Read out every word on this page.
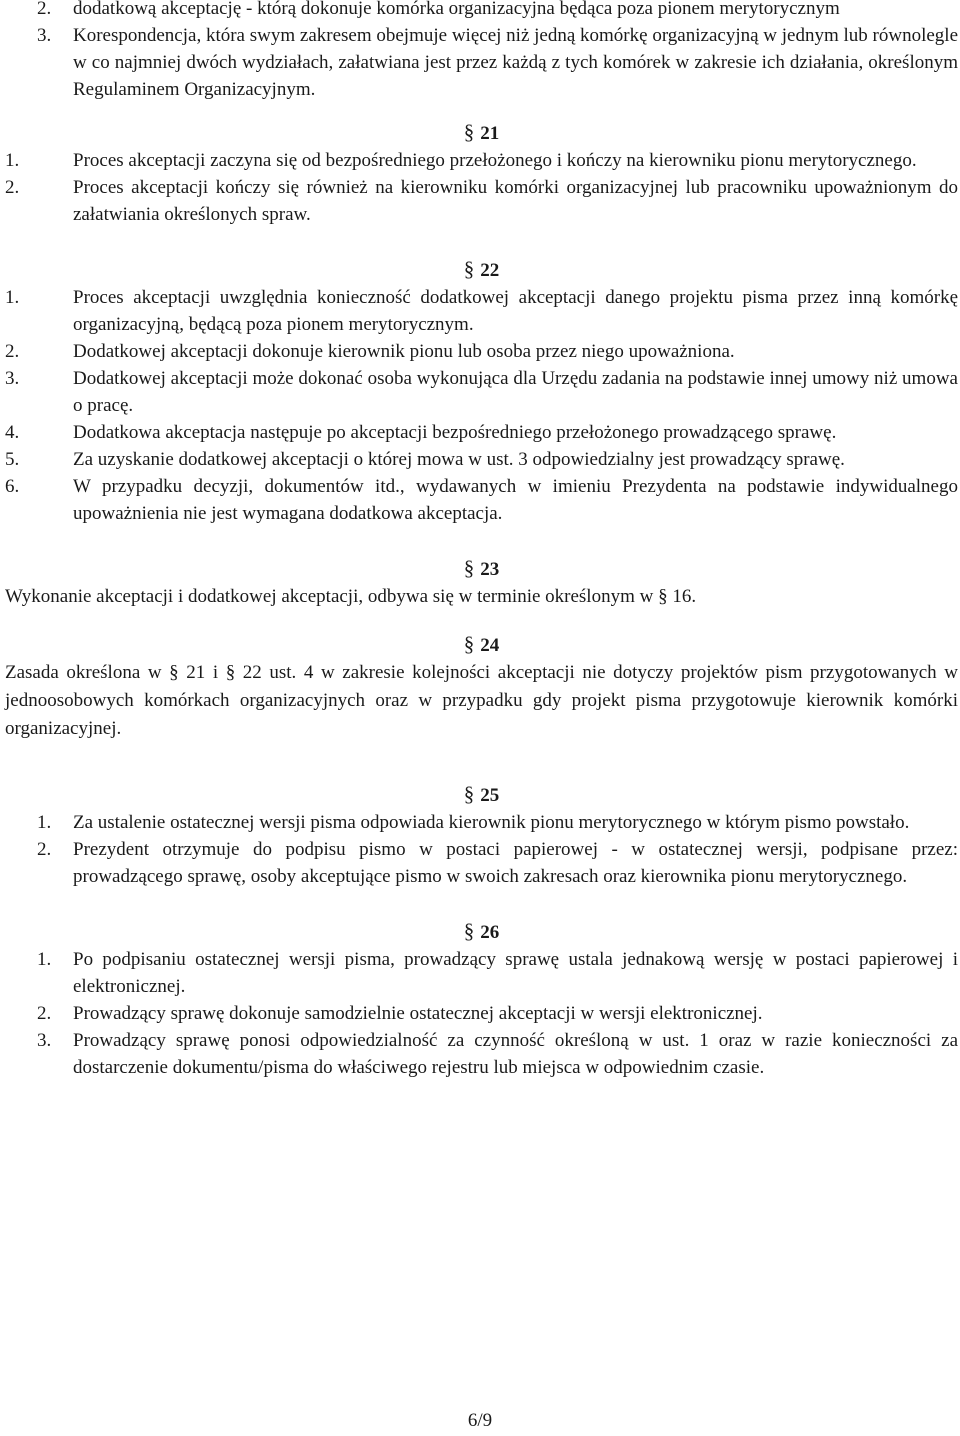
2.	dodatkową akceptację - którą dokonuje komórka organizacyjna będąca poza pionem merytorycznym
3.	Korespondencja, która swym zakresem obejmuje więcej niż jedną komórkę organizacyjną w jednym lub równolegle w co najmniej dwóch wydziałach, załatwiana jest przez każdą z tych komórek w zakresie ich działania, określonym Regulaminem Organizacyjnym.
§ 21
1.	Proces akceptacji zaczyna się od bezpośredniego przełożonego i kończy na kierowniku pionu merytorycznego.
2.	Proces akceptacji kończy się również na kierowniku komórki organizacyjnej lub pracowniku upoważnionym do załatwiania określonych spraw.
§ 22
1.	Proces akceptacji uwzględnia konieczność dodatkowej akceptacji danego projektu pisma przez inną komórkę organizacyjną, będącą poza pionem merytorycznym.
2.	Dodatkowej akceptacji dokonuje kierownik pionu lub osoba przez niego upoważniona.
3.	Dodatkowej akceptacji może dokonać osoba wykonująca dla Urzędu zadania na podstawie innej umowy niż umowa o pracę.
4.	Dodatkowa akceptacja następuje po akceptacji bezpośredniego przełożonego prowadzącego sprawę.
5.	Za uzyskanie dodatkowej akceptacji o której mowa w ust. 3 odpowiedzialny jest prowadzący sprawę.
6.	W przypadku decyzji, dokumentów itd., wydawanych w imieniu Prezydenta na podstawie indywidualnego upoważnienia nie jest wymagana dodatkowa akceptacja.
§ 23
Wykonanie akceptacji i dodatkowej akceptacji, odbywa się w terminie określonym w § 16.
§ 24
Zasada określona w § 21 i § 22 ust. 4 w zakresie kolejności akceptacji nie dotyczy projektów pism przygotowanych w jednoosobowych komórkach organizacyjnych oraz w przypadku gdy projekt pisma przygotowuje kierownik komórki organizacyjnej.
§ 25
1.	Za ustalenie ostatecznej wersji pisma odpowiada kierownik pionu merytorycznego w którym pismo powstało.
2.	Prezydent otrzymuje do podpisu pismo w postaci papierowej - w ostatecznej wersji, podpisane przez: prowadzącego sprawę, osoby akceptujące pismo w swoich zakresach oraz kierownika pionu merytorycznego.
§ 26
1.	Po podpisaniu ostatecznej wersji pisma, prowadzący sprawę ustala jednakową wersję w postaci papierowej i elektronicznej.
2.	Prowadzący sprawę dokonuje samodzielnie ostatecznej akceptacji w wersji elektronicznej.
3.	Prowadzący sprawę ponosi odpowiedzialność za czynność określoną w ust. 1 oraz w razie konieczności za dostarczenie dokumentu/pisma do właściwego rejestru lub miejsca w odpowiednim czasie.
6/9
